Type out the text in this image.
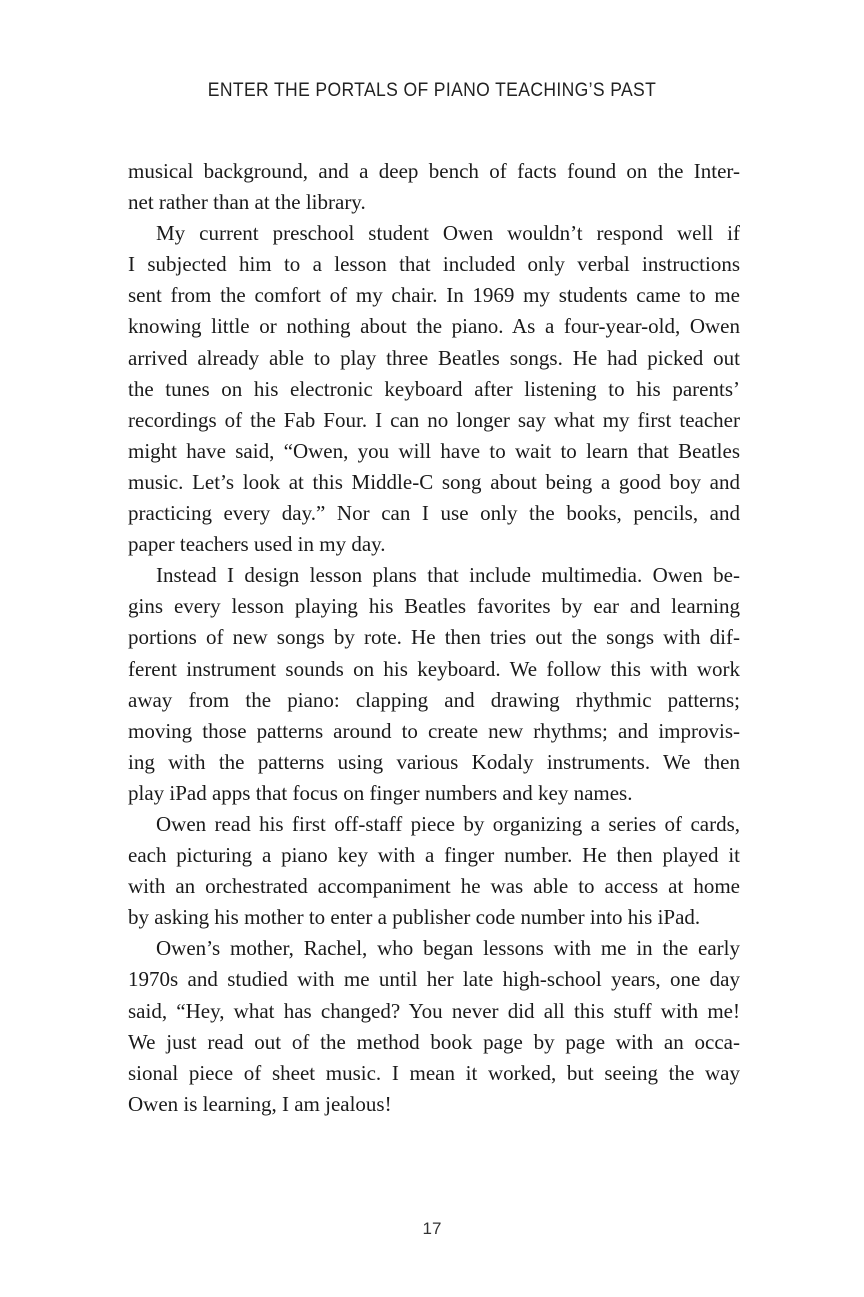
ENTER THE PORTALS OF PIANO TEACHING’S PAST

musical background, and a deep bench of facts found on the Inter-
net rather than at the library.

My current preschool student Owen wouldn’t respond well if
I subjected him to a lesson that included only verbal instructions
sent from the comfort of my chair. In 1969 my students came to me
knowing little or nothing about the piano. As a four-year-old, Owen
arrived already able to play three Beatles songs. He had picked out
the tunes on his electronic keyboard after listening to his parents’
recordings of the Fab Four. I can no longer say what my first teacher
might have said, “Owen, you will have to wait to learn that Beatles
music. Let’s look at this Middle-C song about being a good boy and
practicing every day.” Nor can I use only the books, pencils, and
paper teachers used in my day.

Instead I design lesson plans that include multimedia. Owen be-
gins every lesson playing his Beatles favorites by ear and learning
portions of new songs by rote. He then tries out the songs with dif-
ferent instrument sounds on his keyboard. We follow this with work
away from the piano: clapping and drawing rhythmic patterns;
moving those patterns around to create new rhythms; and improvis-
ing with the patterns using various Kodaly instruments. We then
play iPad apps that focus on finger numbers and key names.

Owen read his first off-staff piece by organizing a series of cards,
each picturing a piano key with a finger number. He then played it
with an orchestrated accompaniment he was able to access at home
by asking his mother to enter a publisher code number into his iPad.

Owen’s mother, Rachel, who began lessons with me in the early
1970s and studied with me until her late high-school years, one day
said, “Hey, what has changed? You never did all this stuff with me!
We just read out of the method book page by page with an occa-
sional piece of sheet music. I mean it worked, but seeing the way
Owen is learning, I am jealous!

17
